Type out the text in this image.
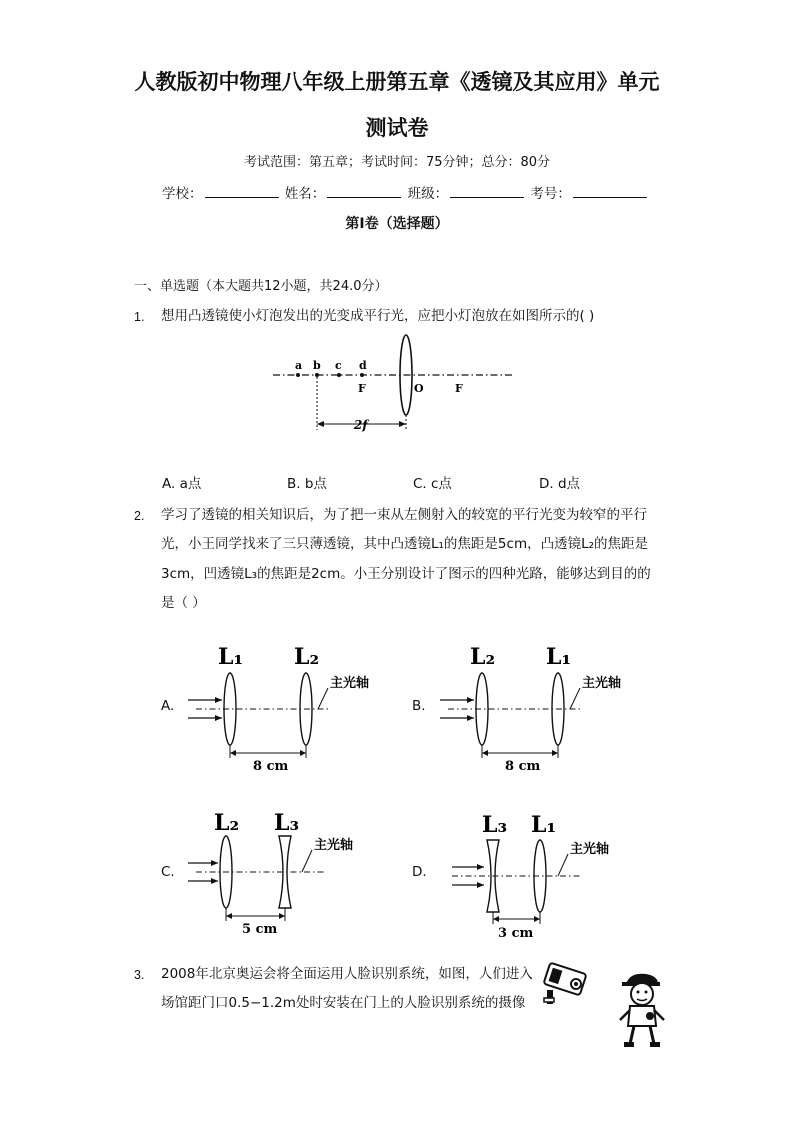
人教版初中物理八年级上册第五章《透镜及其应用》单元
测试卷
考试范围：第五章；考试时间：75分钟；总分：80分
学校：	姓名：	班级：	考号：
第I卷（选择题）
一、单选题（本大题共12小题，共24.0分）
1. 想用凸透镜使小灯泡发出的光变成平行光，应把小灯泡放在如图所示的( )
a b c d
F	O	F
2f
A. a点	B. b点	C. c点	D. d点
2. 学习了透镜的相关知识后，为了把一束从左侧射入的较宽的平行光变为较窄的平行
光，小王同学找来了三只薄透镜，其中凸透镜L₁的焦距是5cm，凸透镜L₂的焦距是
3cm，凹透镜L₃的焦距是2cm。小王分别设计了图示的四种光路，能够达到目的的
是（ ）
A.
L₁ L₂
主光轴
8 cm
B.
L₂ L₁
主光轴
8 cm
C.
L₂ L₃
主光轴
5 cm
D.
L₃ L₁
主光轴
3 cm
3. 2008年北京奥运会将全面运用人脸识别系统，如图，人们进入
场馆距门口0.5−1.2m处时安装在门上的人脸识别系统的摄像
